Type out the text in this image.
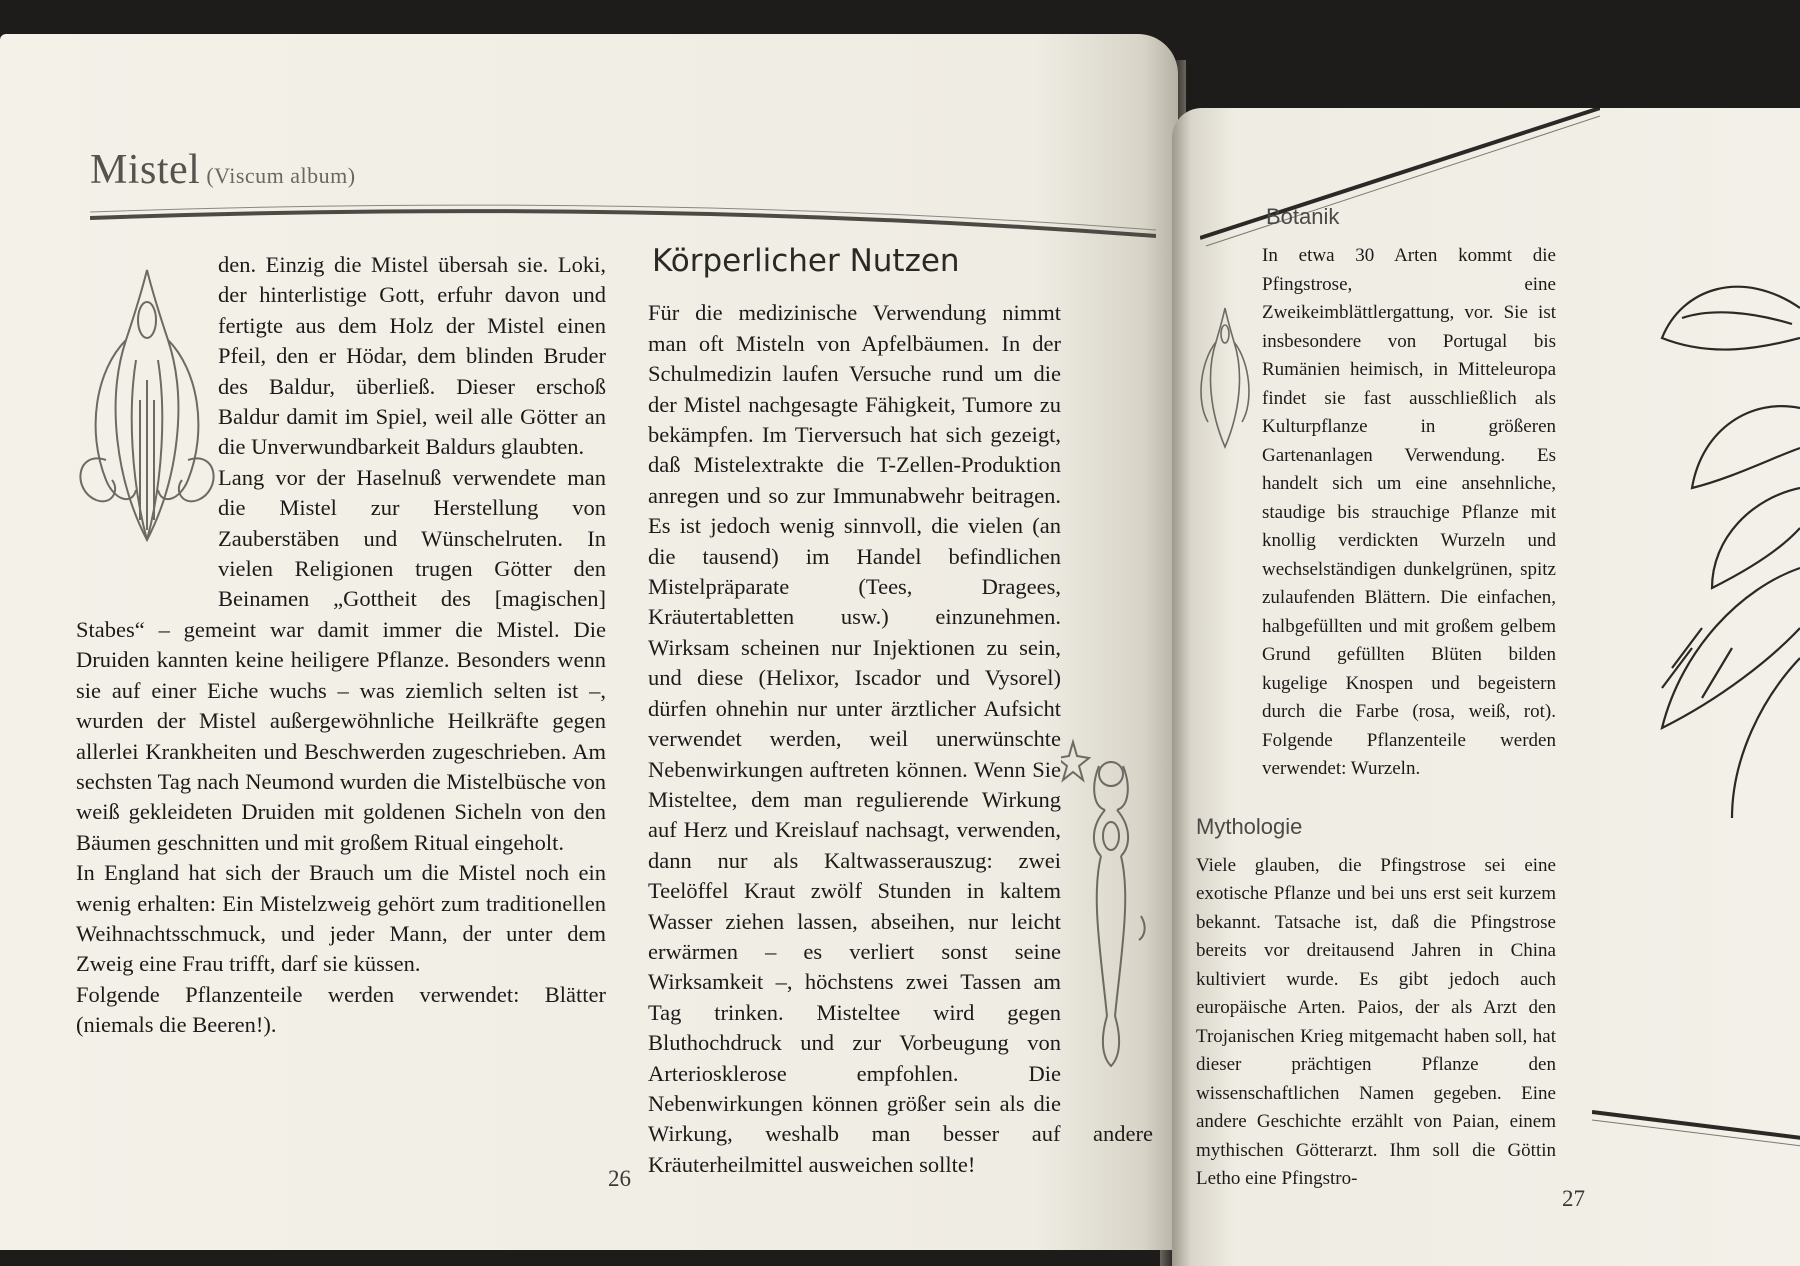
Mistel (Viscum album)

den. Einzig die Mistel übersah sie. Loki, der hinterlistige Gott, erfuhr davon und fertigte aus dem Holz der Mistel einen Pfeil, den er Hödar, dem blinden Bruder des Baldur, überließ. Dieser erschoß Baldur damit im Spiel, weil alle Götter an die Unverwundbarkeit Baldurs glaubten.

Lang vor der Haselnuß verwendete man die Mistel zur Herstellung von Zauberstäben und Wünschelruten. In vielen Religionen trugen Götter den Beinamen „Gottheit des [magischen] Stabes“ – gemeint war damit immer die Mistel. Die Druiden kannten keine heiligere Pflanze. Besonders wenn sie auf einer Eiche wuchs – was ziemlich selten ist –, wurden der Mistel außergewöhnliche Heilkräfte gegen allerlei Krankheiten und Beschwerden zugeschrieben. Am sechsten Tag nach Neumond wurden die Mistelbüsche von weiß gekleideten Druiden mit goldenen Sicheln von den Bäumen geschnitten und mit großem Ritual eingeholt.

In England hat sich der Brauch um die Mistel noch ein wenig erhalten: Ein Mistelzweig gehört zum traditionellen Weihnachtsschmuck, und jeder Mann, der unter dem Zweig eine Frau trifft, darf sie küssen.

Folgende Pflanzenteile werden verwendet: Blätter (niemals die Beeren!).

Körperlicher Nutzen

Für die medizinische Verwendung nimmt man oft Misteln von Apfelbäumen. In der Schulmedizin laufen Versuche rund um die der Mistel nachgesagte Fähigkeit, Tumore zu bekämpfen. Im Tierversuch hat sich gezeigt, daß Mistelextrakte die T-Zellen-Produktion anregen und so zur Immunabwehr beitragen. Es ist jedoch wenig sinnvoll, die vielen (an die tausend) im Handel befindlichen Mistelpräparate (Tees, Dragees, Kräutertabletten usw.) einzunehmen. Wirksam scheinen nur Injektionen zu sein, und diese (Helixor, Iscador und Vysorel) dürfen ohnehin nur unter ärztlicher Aufsicht verwendet werden, weil unerwünschte Nebenwirkungen auftreten können. Wenn Sie Misteltee, dem man regulierende Wirkung auf Herz und Kreislauf nachsagt, verwenden, dann nur als Kaltwasserauszug: zwei Teelöffel Kraut zwölf Stunden in kaltem Wasser ziehen lassen, abseihen, nur leicht erwärmen – es verliert sonst seine Wirksamkeit –, höchstens zwei Tassen am Tag trinken. Misteltee wird gegen Bluthochdruck und zur Vorbeugung von Arteriosklerose empfohlen. Die Nebenwirkungen können größer sein als die Wirkung, weshalb man besser auf andere Kräuterheilmittel ausweichen sollte!

26
Botanik

In etwa 30 Arten kommt die Pfingstrose, eine Zweikeimblättlergattung, vor. Sie ist insbesondere von Portugal bis Rumänien heimisch, in Mitteleuropa findet sie fast ausschließlich als Kulturpflanze in größeren Gartenanlagen Verwendung. Es handelt sich um eine ansehnliche, staudige bis strauchige Pflanze mit knollig verdickten Wurzeln und wechselständigen dunkelgrünen, spitz zulaufenden Blättern. Die einfachen, halbgefüllten und mit großem gelbem Grund gefüllten Blüten bilden kugelige Knospen und begeistern durch die Farbe (rosa, weiß, rot). Folgende Pflanzenteile werden verwendet: Wurzeln.

Mythologie

Viele glauben, die Pfingstrose sei eine exotische Pflanze und bei uns erst seit kurzem bekannt. Tatsache ist, daß die Pfingstrose bereits vor dreitausend Jahren in China kultiviert wurde. Es gibt jedoch auch europäische Arten. Paios, der als Arzt den Trojanischen Krieg mitgemacht haben soll, hat dieser prächtigen Pflanze den wissenschaftlichen Namen gegeben. Eine andere Geschichte erzählt von Paian, einem mythischen Götterarzt. Ihm soll die Göttin Letho eine Pfingstro-

27
